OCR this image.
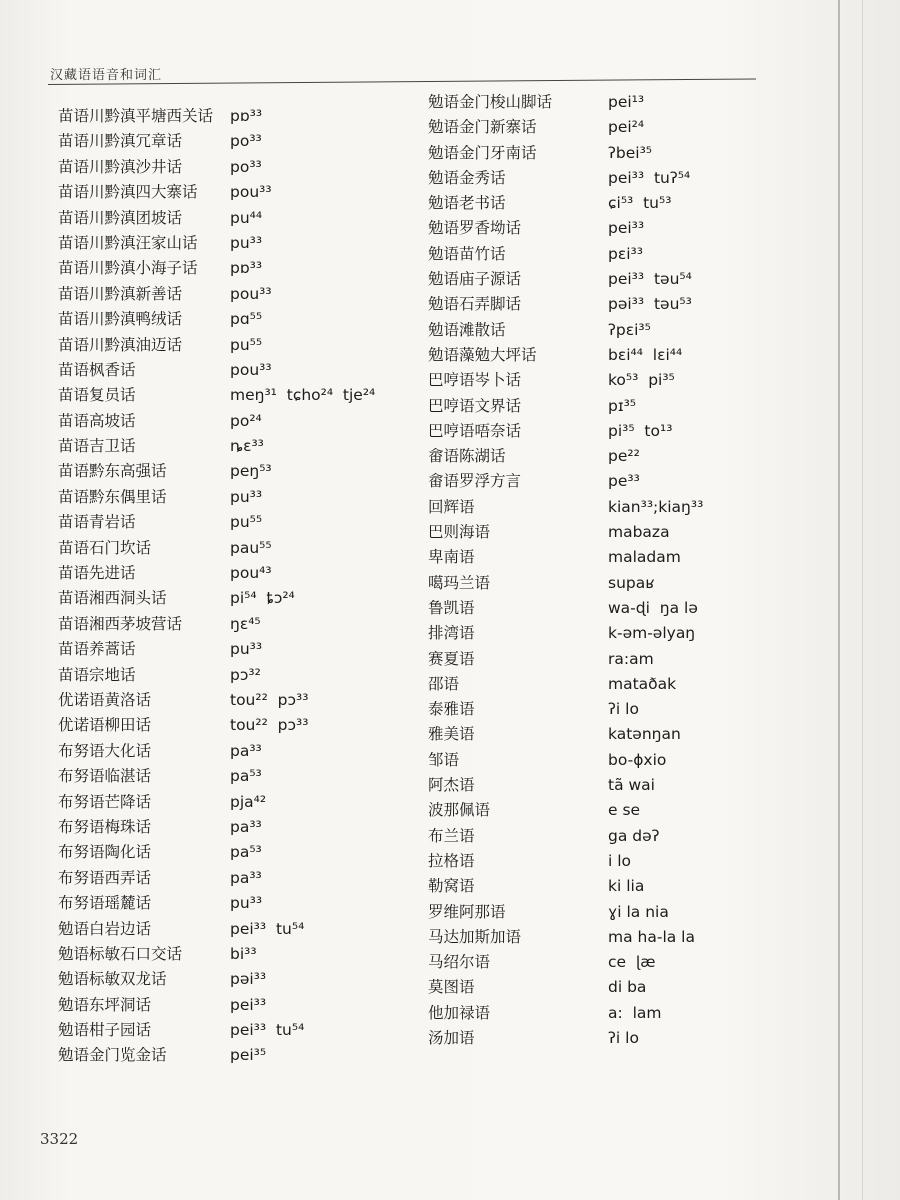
汉藏语语音和词汇
苗语川黔滇平塘西关话 pɒ³³
苗语川黔滇冗章话	po³³
苗语川黔滇沙井话	po³³
苗语川黔滇四大寨话 pou³³
苗语川黔滇团坡话	pu⁴⁴
苗语川黔滇汪家山话 pu³³
苗语川黔滇小海子话 pɒ³³
苗语川黔滇新善话	pou³³
苗语川黔滇鸭绒话	pɑ⁵⁵
苗语川黔滇油迈话	pu⁵⁵
苗语枫香话	pou³³
苗语复员话	meŋ³¹  tɕho²⁴  tje²⁴
苗语高坡话	po²⁴
苗语吉卫话	ȵɛ³³
苗语黔东高强话	peŋ⁵³
苗语黔东偶里话	pu³³
苗语青岩话	pu⁵⁵
苗语石门坎话	pau⁵⁵
苗语先进话	pou⁴³
苗语湘西洞头话	pi⁵⁴  ȶɔ²⁴
苗语湘西茅坡营话	ŋɛ⁴⁵
苗语养蒿话	pu³³
苗语宗地话	pɔ³²
优诺语黄洛话	tou²²  pɔ³³
优诺语柳田话	tou²²  pɔ³³
布努语大化话	pa³³
布努语临湛话	pa⁵³
布努语芒降话	pja⁴²
布努语梅珠话	pa³³
布努语陶化话	pa⁵³
布努语西弄话	pa³³
布努语瑶麓话	pu³³
勉语白岩边话	pei³³  tu⁵⁴
勉语标敏石口交话	bi³³
勉语标敏双龙话	pəi³³
勉语东坪洞话	pei³³
勉语柑子园话	pei³³  tu⁵⁴
勉语金门览金话	pei³⁵
勉语金门梭山脚话	pei¹³
勉语金门新寨话	pei²⁴
勉语金门牙南话	ʔbei³⁵
勉语金秀话	pei³³  tuʔ⁵⁴
勉语老书话	ɕi⁵³  tu⁵³
勉语罗香坳话	pei³³
勉语苗竹话	pɛi³³
勉语庙子源话	pei³³  təu⁵⁴
勉语石弄脚话	pəi³³  təu⁵³
勉语滩散话	ʔpɛi³⁵
勉语藻勉大坪话	bɛi⁴⁴  lɛi⁴⁴
巴哼语岑卜话	ko⁵³  pi³⁵
巴哼语文界话	pɪ³⁵
巴哼语唔奈话	pi³⁵  to¹³
畲语陈湖话	pe²²
畲语罗浮方言	pe³³
回辉语	kian³³;kiaŋ³³
巴则海语	mabaza
卑南语	maladam
噶玛兰语	supaʁ
鲁凯语	wa-ɖi  ŋa lə
排湾语	k-əm-əlyaŋ
赛夏语	ra:am
邵语	mataðak
泰雅语	ʔi lo
雅美语	katənŋan
邹语	bo-ɸxio
阿杰语	tã wai
波那佩语	e se
布兰语	ga dəʔ
拉格语	i lo
勒窝语	ki lia
罗维阿那语	ɣi la nia
马达加斯加语	ma ha-la la
马绍尔语	ce  ɭæ
莫图语	di ba
他加禄语	a:  lam
汤加语	ʔi lo
3322
